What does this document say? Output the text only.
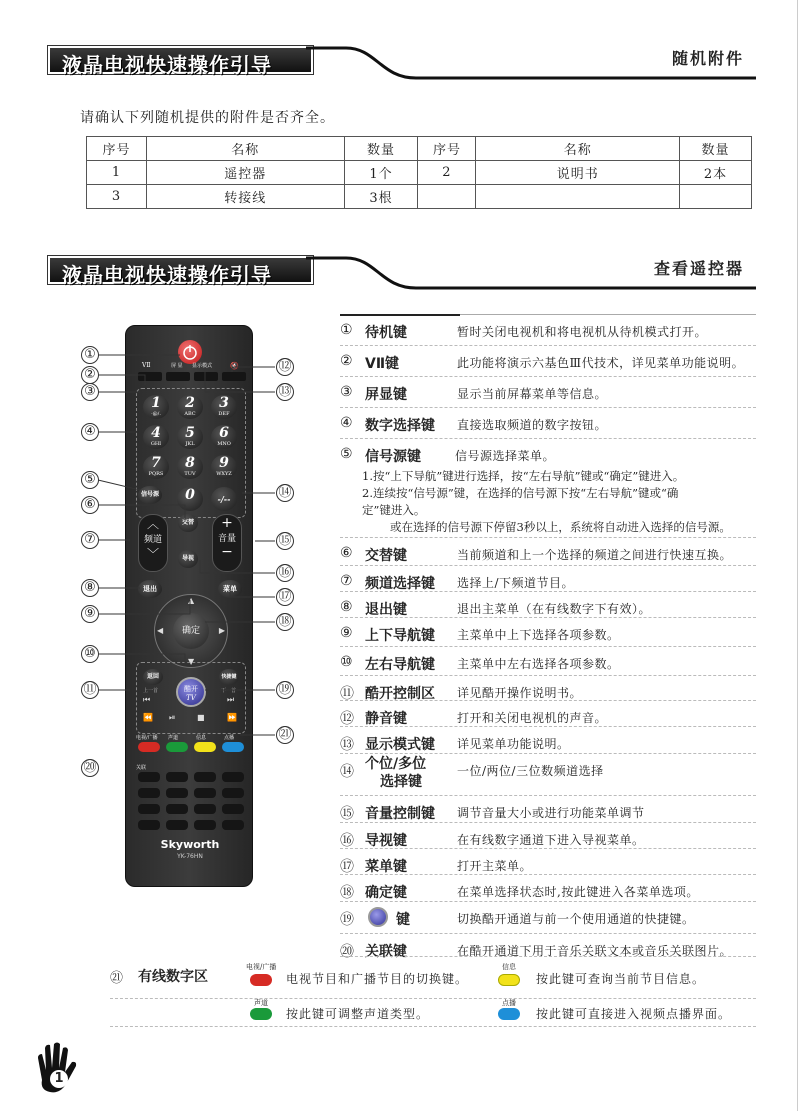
液晶电视快速操作引导	随机附件
请确认下列随机提供的附件是否齐全。
序号	名称	数量	序号	名称	数量
1	遥控器	1个	2	说明书	2本
3	转接线	3根			
液晶电视快速操作引导	查看遥控器
VⅡ	屏 显 显示模式	🔇
1
·@/.
2
ABC
3
DEF
4
GHI
5
JKL
6
MNO
7
PQRS
8
TUV
9
WXYZ
0	-/--
信号源
交替
︿
频道
﹀
+
音量
−
导视
退出	菜单
▲
▼
◀	▶
确定
返回	快捷键
上一首	下一首
酷开
TV
⏮	⏭
⏪ ⏯	■	⏩
电视/广播 声道	信息	点播
关联
Skyworth
YK-76HN
①
②
③
④
⑤
⑥
⑦
⑧
⑨
⑩
⑪
⑫
⑬
⑭
⑮
⑯
⑰
⑱
⑲
⑳
㉑
① 待机键	暂时关闭电视机和将电视机从待机模式打开。
② VⅡ键	此功能将演示六基色Ⅲ代技术，详见菜单功能说明。
③ 屏显键	显示当前屏幕菜单等信息。
④ 数字选择键 直接选取频道的数字按钮。
⑤ 信号源键	信号源选择菜单。
1.按“上下导航”键进行选择，按“左右导航”键或“确定”键进入。
2.连续按“信号源”键，在选择的信号源下按“左右导航”键或“确
定”键进入。
或在选择的信号源下停留3秒以上，系统将自动进入选择的信号源。
⑥ 交替键	当前频道和上一个选择的频道之间进行快速互换。
⑦ 频道选择键 选择上/下频道节目。
⑧ 退出键	退出主菜单（在有线数字下有效）。
⑨ 上下导航键 主菜单中上下选择各项参数。
⑩ 左右导航键 主菜单中左右选择各项参数。
⑪ 酷开控制区 详见酷开操作说明书。
⑫ 静音键	打开和关闭电视机的声音。
⑬ 显示模式键 详见菜单功能说明。
⑭ 个位/多位
选择键
一位/两位/三位数频道选择
⑮ 音量控制键 调节音量大小或进行功能菜单调节
⑯ 导视键	在有线数字通道下进入导视菜单。
⑰ 菜单键	打开主菜单。
⑱ 确定键	在菜单选择状态时,按此键进入各菜单选项。
⑲	键	切换酷开通道与前一个使用通道的快捷键。
⑳ 关联键	在酷开通道下用于音乐关联文本或音乐关联图片。
㉑ 有线数字区
电视/广播
电视节目和广播节目的切换键。
信息
按此键可查询当前节目信息。
声道
按此键可调整声道类型。
点播
按此键可直接进入视频点播界面。
1
